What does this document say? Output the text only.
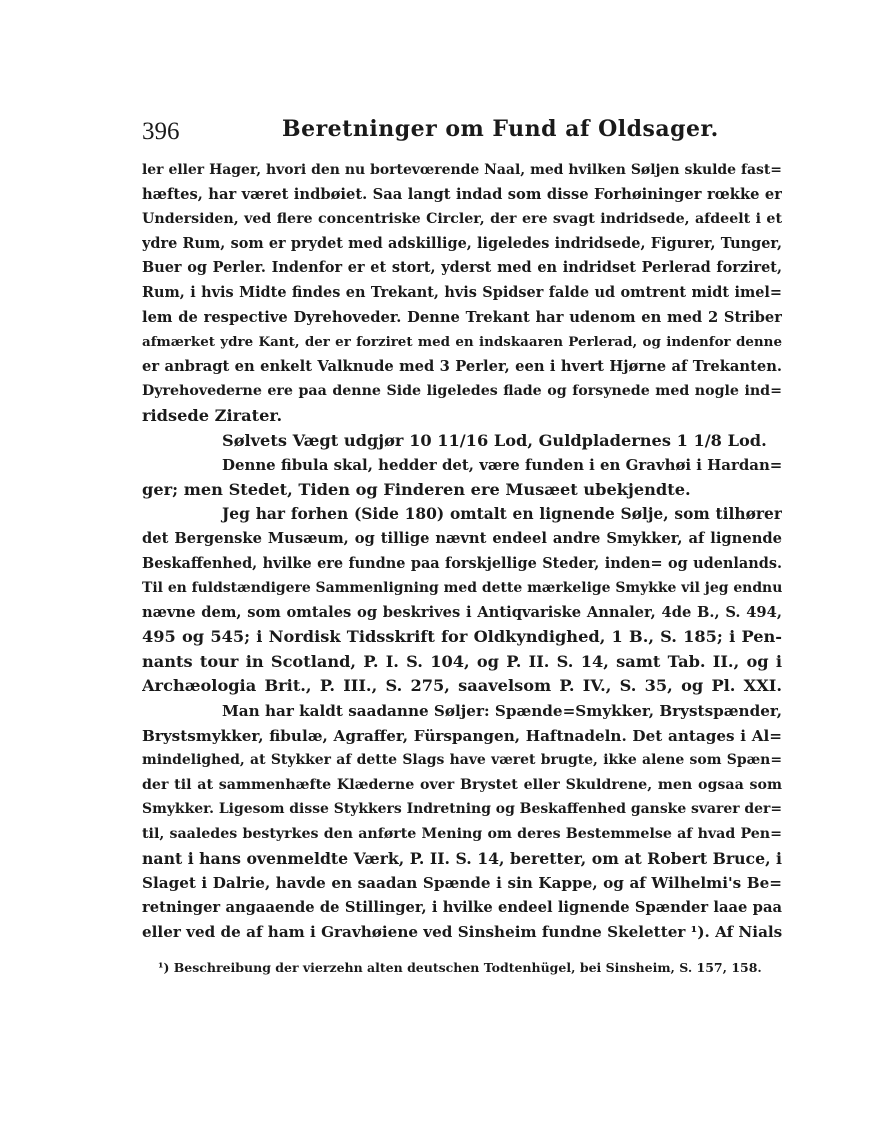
396	Beretninger om Fund af Oldsager.
ler eller Hager, hvori den nu bortevœrende Naal, med hvilken Søljen skulde fast=
hæftes, har været indbøiet. Saa langt indad som disse Forhøininger rœkke er
Undersiden, ved flere concentriske Circler, der ere svagt indridsede, afdeelt i et
ydre Rum, som er prydet med adskillige, ligeledes indridsede, Figurer, Tunger,
Buer og Perler. Indenfor er et stort, yderst med en indridset Perlerad forziret,
Rum, i hvis Midte findes en Trekant, hvis Spidser falde ud omtrent midt imel=
lem de respective Dyrehoveder. Denne Trekant har udenom en med 2 Striber
afmærket ydre Kant, der er forziret med en indskaaren Perlerad, og indenfor denne
er anbragt en enkelt Valknude med 3 Perler, een i hvert Hjørne af Trekanten.
Dyrehovederne ere paa denne Side ligeledes flade og forsynede med nogle ind=
ridsede Zirater.
Sølvets Vægt udgjør 10 11/16 Lod, Guldpladernes 1 1/8 Lod.
Denne fibula skal, hedder det, være funden i en Gravhøi i Hardan=
ger; men Stedet, Tiden og Finderen ere Musæet ubekjendte.
Jeg har forhen (Side 180) omtalt en lignende Sølje, som tilhører
det Bergenske Musæum, og tillige nævnt endeel andre Smykker, af lignende
Beskaffenhed, hvilke ere fundne paa forskjellige Steder, inden= og udenlands.
Til en fuldstændigere Sammenligning med dette mærkelige Smykke vil jeg endnu
nævne dem, som omtales og beskrives i Antiqvariske Annaler, 4de B., S. 494,
495 og 545; i Nordisk Tidsskrift for Oldkyndighed, 1 B., S. 185; i Pen-
nants tour in Scotland, P. I. S. 104, og P. II. S. 14, samt Tab. II., og i
Archæologia Brit., P. III., S. 275, saavelsom P. IV., S. 35, og Pl. XXI.
Man har kaldt saadanne Søljer: Spænde=Smykker, Brystspænder,
Brystsmykker, fibulæ, Agraffer, Fürspangen, Haftnadeln. Det antages i Al=
mindelighed, at Stykker af dette Slags have været brugte, ikke alene som Spæn=
der til at sammenhæfte Klæderne over Brystet eller Skuldrene, men ogsaa som
Smykker. Ligesom disse Stykkers Indretning og Beskaffenhed ganske svarer der=
til, saaledes bestyrkes den anførte Mening om deres Bestemmelse af hvad Pen=
nant i hans ovenmeldte Værk, P. II. S. 14, beretter, om at Robert Bruce, i
Slaget i Dalrie, havde en saadan Spænde i sin Kappe, og af Wilhelmi's Be=
retninger angaaende de Stillinger, i hvilke endeel lignende Spænder laae paa
eller ved de af ham i Gravhøiene ved Sinsheim fundne Skeletter ¹). Af Nials
¹) Beschreibung der vierzehn alten deutschen Todtenhügel, bei Sinsheim, S. 157, 158.
